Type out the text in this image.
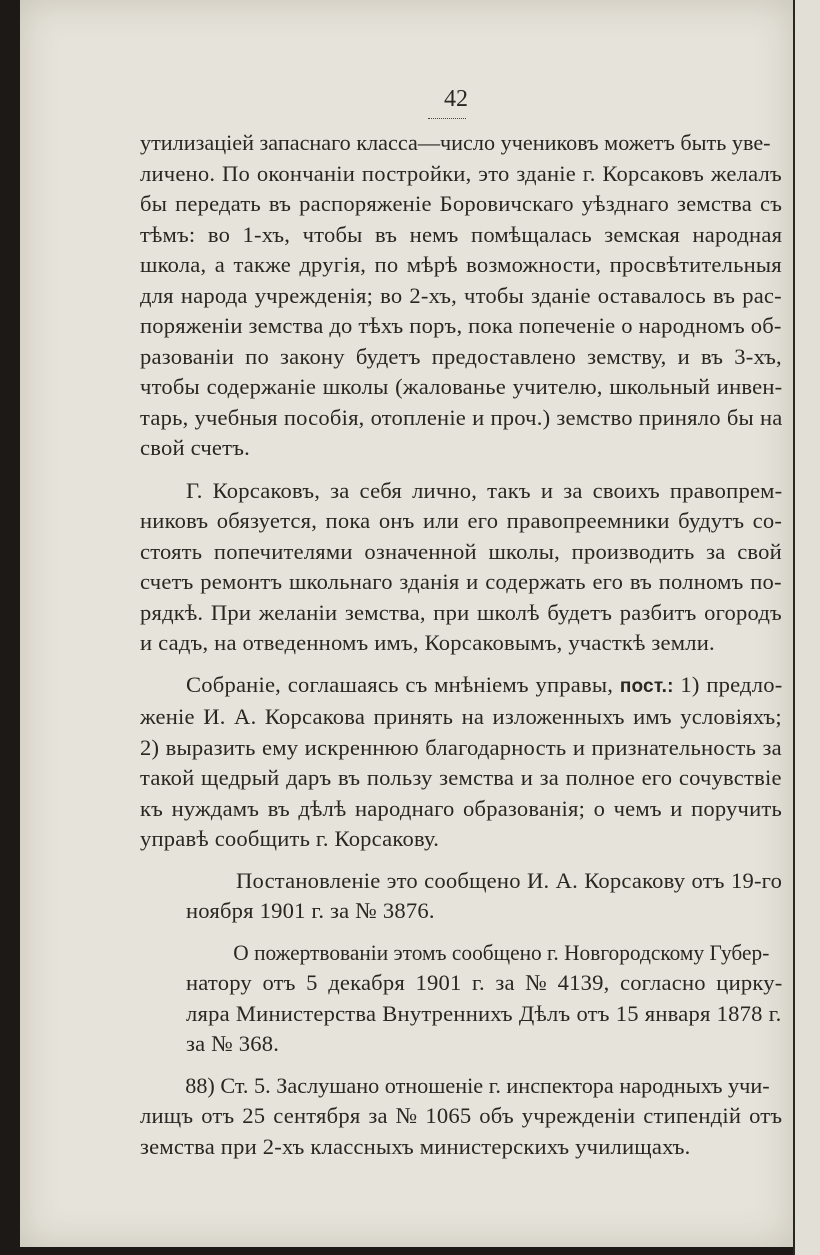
42
утилизацiей запаснаго класса—число учениковъ можетъ быть уве-
личено. По окончанiи постройки, это зданiе г. Корсаковъ желалъ
бы передать въ распоряженiе Боровичскаго уѣзднаго земства съ
тѣмъ: во 1-хъ, чтобы въ немъ помѣщалась земская народная
школа, а также другiя, по мѣрѣ возможности, просвѣтительныя
для народа учрежденiя; во 2-хъ, чтобы зданiе оставалось въ рас-
поряженiи земства до тѣхъ поръ, пока попеченiе о народномъ об-
разованiи по закону будетъ предоставлено земству, и въ 3-хъ,
чтобы содержанiе школы (жалованье учителю, школьный инвен-
тарь, учебныя пособiя, отопленiе и проч.) земство приняло бы на
свой счетъ.
Г. Корсаковъ, за себя лично, такъ и за своихъ правопрем-
никовъ обязуется, пока онъ или его правопреемники будутъ со-
стоять попечителями означенной школы, производить за свой
счетъ ремонтъ школьнаго зданiя и содержать его въ полномъ по-
рядкѣ. При желанiи земства, при школѣ будетъ разбитъ огородъ
и садъ, на отведенномъ имъ, Корсаковымъ, участкѣ земли.
Собранiе, соглашаясь съ мнѣнiемъ управы, пост.: 1) предло-
женiе И. А. Корсакова принять на изложенныхъ имъ условiяхъ;
2) выразить ему искреннюю благодарность и признательность за
такой щедрый даръ въ пользу земства и за полное его сочувствiе
къ нуждамъ въ дѣлѣ народнаго образованiя; о чемъ и поручить
управѣ сообщить г. Корсакову.
Постановленiе это сообщено И. А. Корсакову отъ 19-го
ноября 1901 г. за № 3876.
О пожертвованiи этомъ сообщено г. Новгородскому Губер-
натору отъ 5 декабря 1901 г. за № 4139, согласно цирку-
ляра Министерства Внутреннихъ Дѣлъ отъ 15 января 1878 г.
за № 368.
88) Ст. 5. Заслушано отношенiе г. инспектора народныхъ учи-
лищъ отъ 25 сентября за № 1065 объ учрежденiи стипендiй отъ
земства при 2-хъ классныхъ министерскихъ училищахъ.
